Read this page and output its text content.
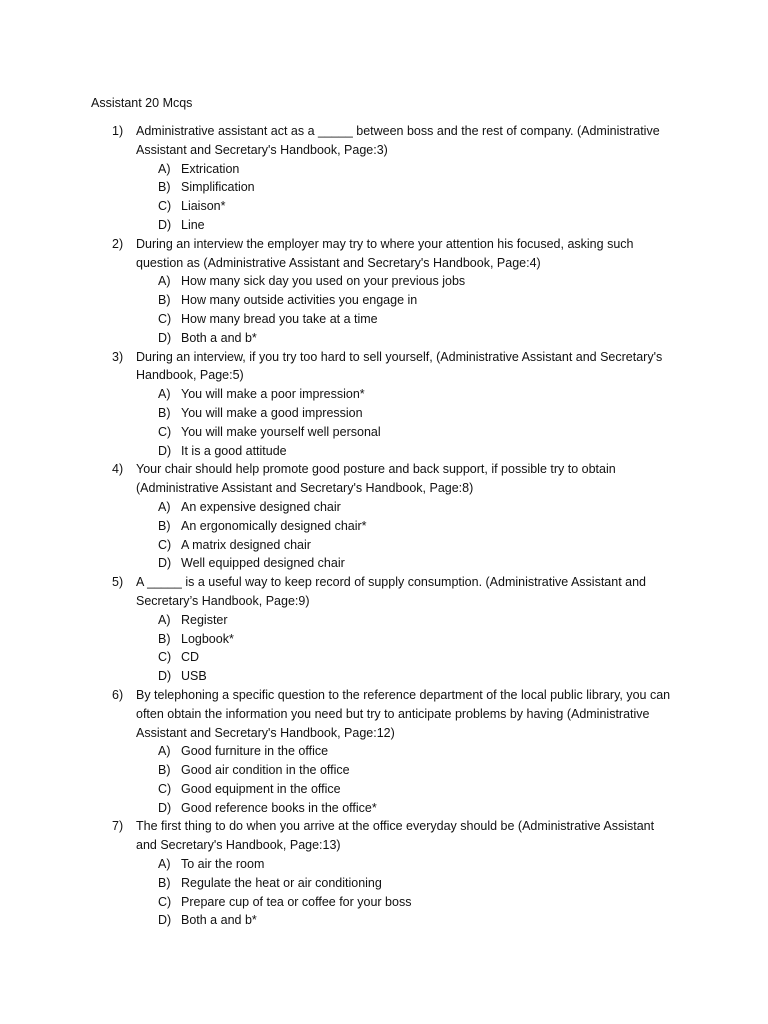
Assistant 20 Mcqs
1) Administrative assistant act as a _____ between boss and the rest of company. (Administrative Assistant and Secretary's Handbook, Page:3)
A) Extrication
B) Simplification
C) Liaison*
D) Line
2) During an interview the employer may try to where your attention his focused, asking such question as (Administrative Assistant and Secretary's Handbook, Page:4)
A) How many sick day you used on your previous jobs
B) How many outside activities you engage in
C) How many bread you take at a time
D) Both a and b*
3) During an interview, if you try too hard to sell yourself, (Administrative Assistant and Secretary's Handbook, Page:5)
A) You will make a poor impression*
B) You will make a good impression
C) You will make yourself well personal
D) It is a good attitude
4) Your chair should help promote good posture and back support, if possible try to obtain (Administrative Assistant and Secretary's Handbook, Page:8)
A) An expensive designed chair
B) An ergonomically designed chair*
C) A matrix designed chair
D) Well equipped designed chair
5) A _____ is a useful way to keep record of supply consumption. (Administrative Assistant and Secretary’s Handbook, Page:9)
A) Register
B) Logbook*
C) CD
D) USB
6) By telephoning a specific question to the reference department of the local public library, you can often obtain the information you need but try to anticipate problems by having (Administrative Assistant and Secretary's Handbook, Page:12)
A) Good furniture in the office
B) Good air condition in the office
C) Good equipment in the office
D) Good reference books in the office*
7) The first thing to do when you arrive at the office everyday should be (Administrative Assistant and Secretary's Handbook, Page:13)
A) To air the room
B) Regulate the heat or air conditioning
C) Prepare cup of tea or coffee for your boss
D) Both a and b*
